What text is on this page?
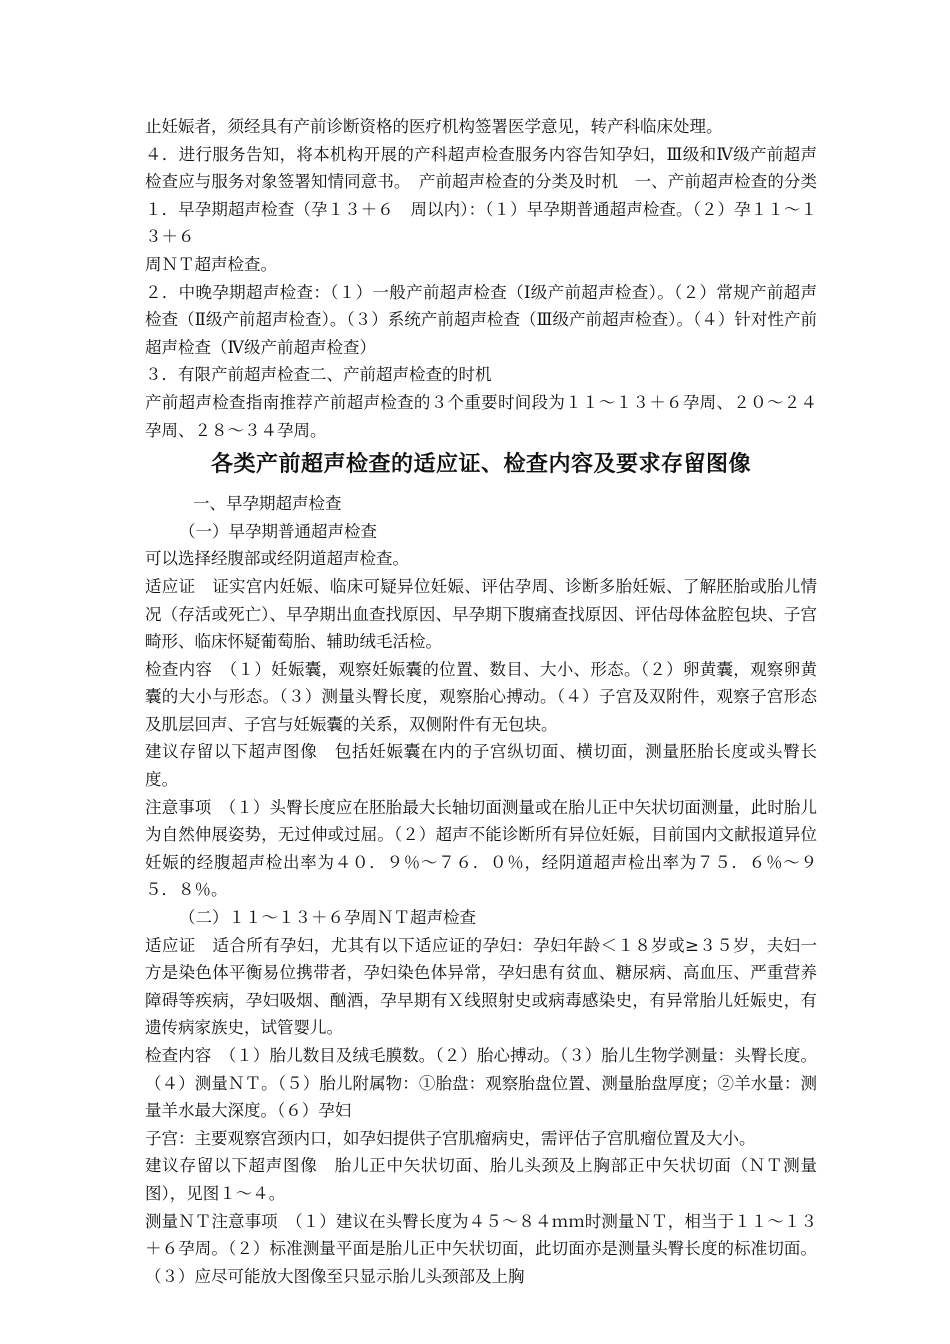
止妊娠者，须经具有产前诊断资格的医疗机构签署医学意见，转产科临床处理。

４．进行服务告知，将本机构开展的产科超声检查服务内容告知孕妇，Ⅲ级和Ⅳ级产前超声检查应与服务对象签署知情同意书。　产前超声检查的分类及时机　一、产前超声检查的分类　１．早孕期超声检查（孕１３＋６　周以内）：（１）早孕期普通超声检查。（２）孕１１～１３＋６

周ＮＴ超声检查。

２．中晚孕期超声检查：（１）一般产前超声检查（Ⅰ级产前超声检查）。（２）常规产前超声检查（Ⅱ级产前超声检查）。（３）系统产前超声检查（Ⅲ级产前超声检查）。（４）针对性产前超声检查（Ⅳ级产前超声检查）

３．有限产前超声检查二、产前超声检查的时机

产前超声检查指南推荐产前超声检查的３个重要时间段为１１～１３＋６孕周、２０～２４孕周、２８～３４孕周。

各类产前超声检查的适应证、检查内容及要求存留图像

一、早孕期超声检查

（一）早孕期普通超声检查

可以选择经腹部或经阴道超声检查。

适应证　证实宫内妊娠、临床可疑异位妊娠、评估孕周、诊断多胎妊娠、了解胚胎或胎儿情况（存活或死亡）、早孕期出血查找原因、早孕期下腹痛查找原因、评估母体盆腔包块、子宫畸形、临床怀疑葡萄胎、辅助绒毛活检。

检查内容　（１）妊娠囊，观察妊娠囊的位置、数目、大小、形态。（２）卵黄囊，观察卵黄囊的大小与形态。（３）测量头臀长度，观察胎心搏动。（４）子宫及双附件，观察子宫形态及肌层回声、子宫与妊娠囊的关系，双侧附件有无包块。

建议存留以下超声图像　包括妊娠囊在内的子宫纵切面、横切面，测量胚胎长度或头臀长度。

注意事项　（１）头臀长度应在胚胎最大长轴切面测量或在胎儿正中矢状切面测量，此时胎儿为自然伸展姿势，无过伸或过屈。（２）超声不能诊断所有异位妊娠，目前国内文献报道异位妊娠的经腹超声检出率为４０．９％～７６．０％，经阴道超声检出率为７５．６％～９５．８％。

（二）１１～１３＋６孕周ＮＴ超声检查

适应证　适合所有孕妇，尤其有以下适应证的孕妇：孕妇年龄＜１８岁或≥３５岁，夫妇一方是染色体平衡易位携带者，孕妇染色体异常，孕妇患有贫血、糖尿病、高血压、严重营养障碍等疾病，孕妇吸烟、酗酒，孕早期有Ｘ线照射史或病毒感染史，有异常胎儿妊娠史，有遗传病家族史，试管婴儿。

检查内容　（１）胎儿数目及绒毛膜数。（２）胎心搏动。（３）胎儿生物学测量：头臀长度。（４）测量ＮＴ。（５）胎儿附属物：①胎盘：观察胎盘位置、测量胎盘厚度；②羊水量：测量羊水最大深度。（６）孕妇

子宫：主要观察宫颈内口，如孕妇提供子宫肌瘤病史，需评估子宫肌瘤位置及大小。

建议存留以下超声图像　胎儿正中矢状切面、胎儿头颈及上胸部正中矢状切面（ＮＴ测量图），见图１～４。

测量ＮＴ注意事项　（１）建议在头臀长度为４５～８４ｍｍ时测量ＮＴ，相当于１１～１３＋６孕周。（２）标准测量平面是胎儿正中矢状切面，此切面亦是测量头臀长度的标准切面。（３）应尽可能放大图像至只显示胎儿头颈部及上胸
